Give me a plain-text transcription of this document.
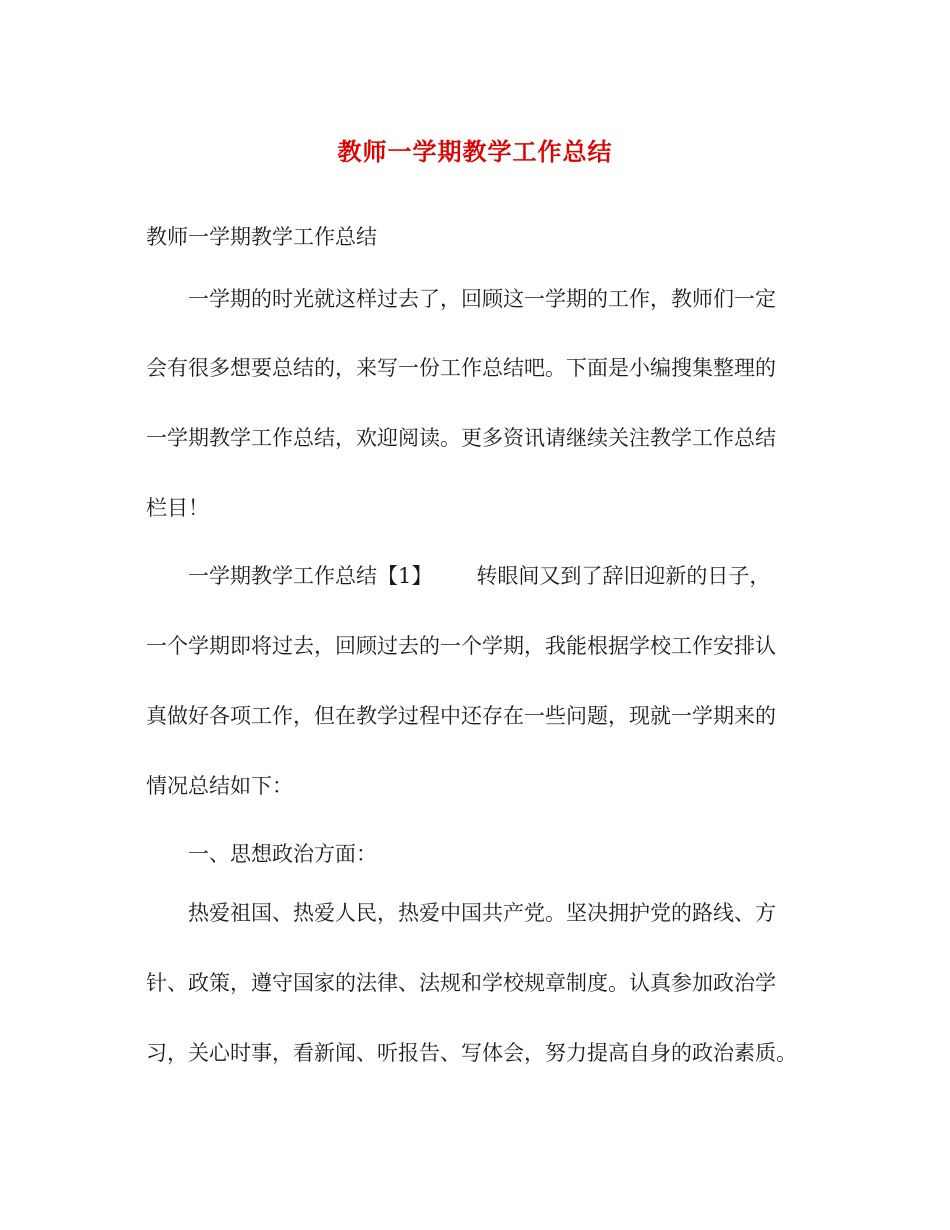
教师一学期教学工作总结

教师一学期教学工作总结

一学期的时光就这样过去了，回顾这一学期的工作，教师们一定

会有很多想要总结的，来写一份工作总结吧。下面是小编搜集整理的

一学期教学工作总结，欢迎阅读。更多资讯请继续关注教学工作总结

栏目！

一学期教学工作总结【1】 转眼间又到了辞旧迎新的日子，

一个学期即将过去，回顾过去的一个学期，我能根据学校工作安排认

真做好各项工作，但在教学过程中还存在一些问题，现就一学期来的

情况总结如下：

一、思想政治方面：

热爱祖国、热爱人民，热爱中国共产党。坚决拥护党的路线、方

针、政策，遵守国家的法律、法规和学校规章制度。认真参加政治学

习，关心时事，看新闻、听报告、写体会，努力提高自身的政治素质。
